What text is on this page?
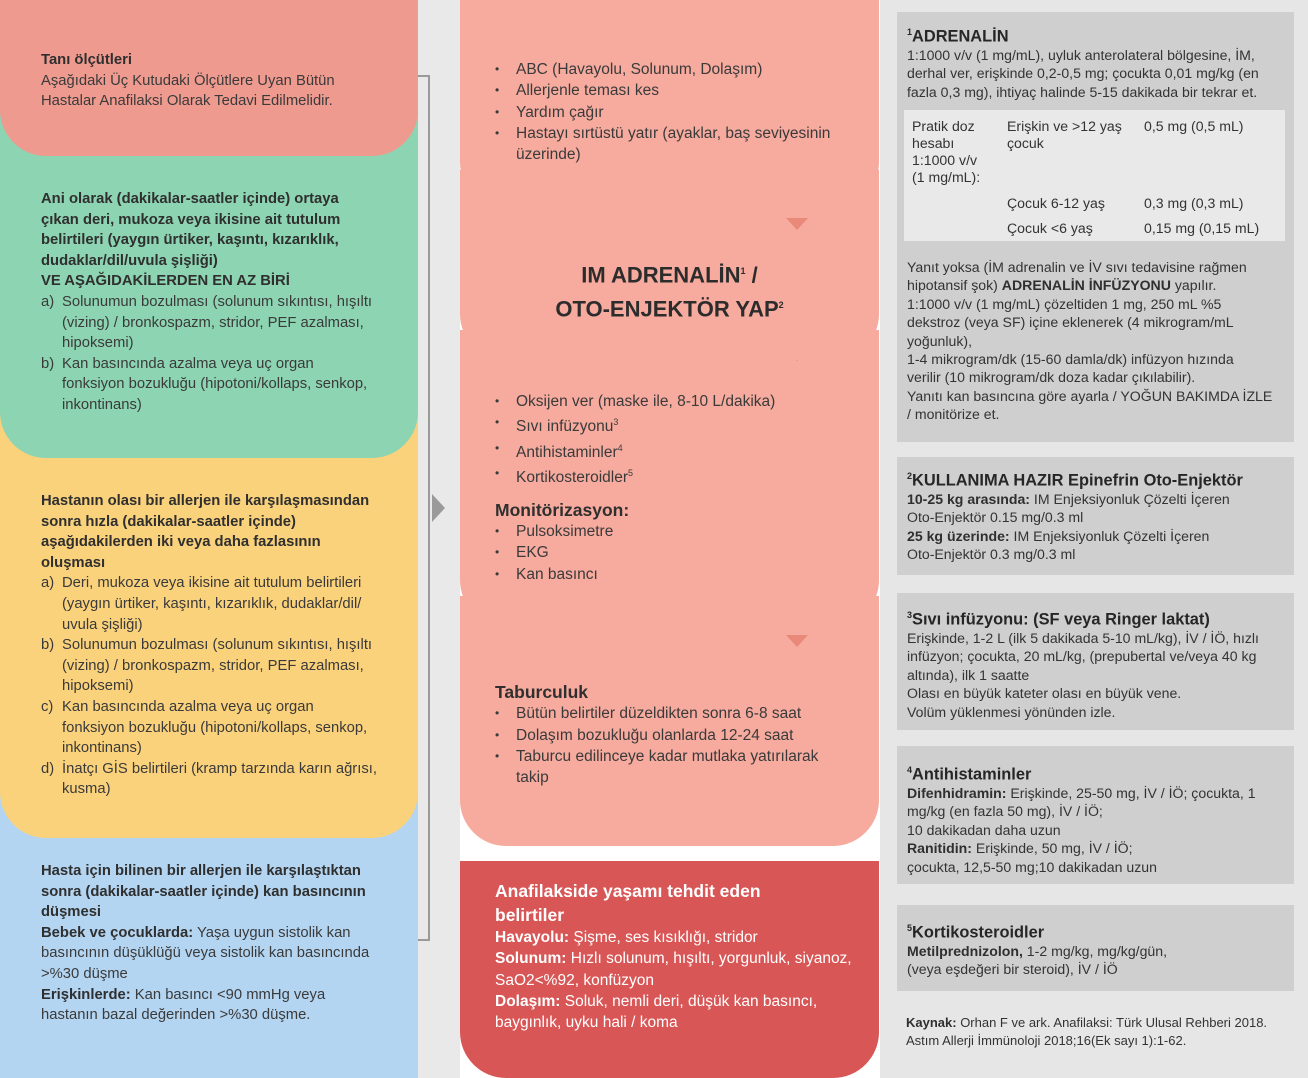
Hasta için bilinen bir allerjen ile karşılaştıktan
sonra (dakikalar-saatler içinde) kan basıncının
düşmesi
Bebek ve çocuklarda: Yaşa uygun sistolik kan
basıncının düşüklüğü veya sistolik kan basıncında
>%30 düşme
Erişkinlerde: Kan basıncı <90 mmHg veya
hastanın bazal değerinden >%30 düşme.
Hastanın olası bir allerjen ile karşılaşmasından
sonra hızla (dakikalar-saatler içinde)
aşağıdakilerden iki veya daha fazlasının
oluşması
a) Deri, mukoza veya ikisine ait tutulum belirtileri
(yaygın ürtiker, kaşıntı, kızarıklık, dudaklar/dil/
uvula şişliği)
b) Solunumun bozulması (solunum sıkıntısı, hışıltı
(vizing) / bronkospazm, stridor, PEF azalması,
hipoksemi)
c) Kan basıncında azalma veya uç organ
fonksiyon bozukluğu (hipotoni/kollaps, senkop,
inkontinans)
d) İnatçı GİS belirtileri (kramp tarzında karın ağrısı,
kusma)
Ani olarak (dakikalar-saatler içinde) ortaya
çıkan deri, mukoza veya ikisine ait tutulum
belirtileri (yaygın ürtiker, kaşıntı, kızarıklık,
dudaklar/dil/uvula şişliği)
VE AŞAĞIDAKİLERDEN EN AZ BİRİ
a) Solunumun bozulması (solunum sıkıntısı, hışıltı
(vizing) / bronkospazm, stridor, PEF azalması,
hipoksemi)
b) Kan basıncında azalma veya uç organ
fonksiyon bozukluğu (hipotoni/kollaps, senkop,
inkontinans)
Tanı ölçütleri
Aşağıdaki Üç Kutudaki Ölçütlere Uyan Bütün
Hastalar Anafilaksi Olarak Tedavi Edilmelidir.
Taburculuk
• Bütün belirtiler düzeldikten sonra 6-8 saat
• Dolaşım bozukluğu olanlarda 12-24 saat
• Taburcu edilinceye kadar mutlaka yatırılarak
takip
• Oksijen ver (maske ile, 8-10 L/dakika)
• Sıvı infüzyonu$^3$
• Antihistaminler$^4$
• Kortikosteroidler$^5$
Monitörizasyon:
• Pulsoksimetre
• EKG
• Kan basıncı
IM ADRENALİN$^1$ /
OTO-ENJEKTÖR YAP$^2$
• ABC (Havayolu, Solunum, Dolaşım)
• Allerjenle teması kes
• Yardım çağır
• Hastayı sırtüstü yatır (ayaklar, baş seviyesinin
üzerinde)
Anafilakside yaşamı tehdit eden
belirtiler
Havayolu: Şişme, ses kısıklığı, stridor
Solunum: Hızlı solunum, hışıltı, yorgunluk, siyanoz,
SaO2<%92, konfüzyon
Dolaşım: Soluk, nemli deri, düşük kan basıncı,
baygınlık, uyku hali / koma
$^1$ADRENALİN
1:1000 v/v (1 mg/mL), uyluk anterolateral bölgesine, İM,
derhal ver, erişkinde 0,2-0,5 mg; çocukta 0,01 mg/kg (en
fazla 0,3 mg), ihtiyaç halinde 5-15 dakikada bir tekrar et.
Yanıt yoksa (İM adrenalin ve İV sıvı tedavisine rağmen
hipotansif şok) ADRENALİN İNFÜZYONU yapılır.
1:1000 v/v (1 mg/mL) çözeltiden 1 mg, 250 mL %5
dekstroz (veya SF) içine eklenerek (4 mikrogram/mL
yoğunluk),
1-4 mikrogram/dk (15-60 damla/dk) infüzyon hızında
verilir (10 mikrogram/dk doza kadar çıkılabilir).
Yanıtı kan basıncına göre ayarla / YOĞUN BAKIMDA İZLE
/ monitörize et.
Pratik doz
hesabı
1:1000 v/v
(1 mg/mL):
Erişkin ve >12 yaş
çocuk
0,5 mg (0,5 mL)
Çocuk 6-12 yaş	0,3 mg (0,3 mL)
Çocuk <6 yaş	0,15 mg (0,15 mL)
$^2$KULLANIMA HAZIR Epinefrin Oto-Enjektör
10-25 kg arasında: IM Enjeksiyonluk Çözelti İçeren
Oto-Enjektör 0.15 mg/0.3 ml
25 kg üzerinde: IM Enjeksiyonluk Çözelti İçeren
Oto-Enjektör 0.3 mg/0.3 ml
$^3$Sıvı infüzyonu: (SF veya Ringer laktat)
Erişkinde, 1-2 L (ilk 5 dakikada 5-10 mL/kg), İV / İÖ, hızlı
infüzyon; çocukta, 20 mL/kg, (prepubertal ve/veya 40 kg
altında), ilk 1 saatte
Olası en büyük kateter olası en büyük vene.
Volüm yüklenmesi yönünden izle.
$^4$Antihistaminler
Difenhidramin: Erişkinde, 25-50 mg, İV / İÖ; çocukta, 1
mg/kg (en fazla 50 mg), İV / İÖ;
10 dakikadan daha uzun
Ranitidin: Erişkinde, 50 mg, İV / İÖ;
çocukta, 12,5-50 mg;10 dakikadan uzun
$^5$Kortikosteroidler
Metilprednizolon, 1-2 mg/kg, mg/kg/gün,
(veya eşdeğeri bir steroid), İV / İÖ
Kaynak: Orhan F ve ark. Anafilaksi: Türk Ulusal Rehberi 2018.
Astım Allerji İmmünoloji 2018;16(Ek sayı 1):1-62.
